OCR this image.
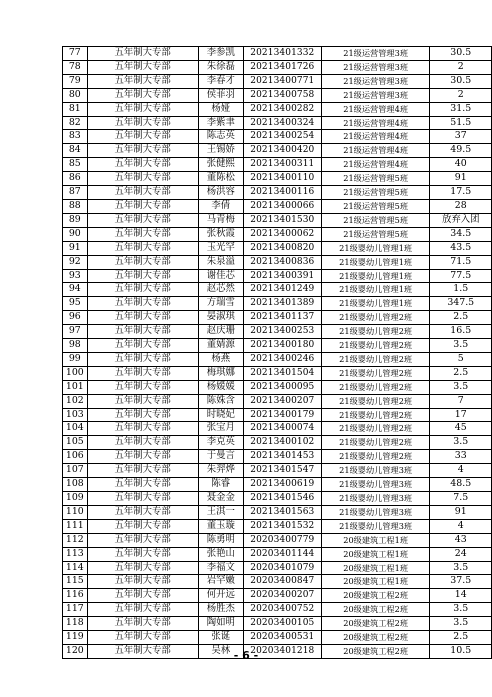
77	五年制大专部	李参凯	20213401332	21级运营管理3班	30.5
78	五年制大专部	朱徐磊	20213401726	21级运营管理3班	2
79	五年制大专部	李春才	20213400771	21级运营管理3班	30.5
80	五年制大专部	侯菲羽	20213400758	21级运营管理3班	2
81	五年制大专部	杨娅	20213400282	21级运营管理4班	31.5
82	五年制大专部	李紫聿	20213400324	21级运营管理4班	51.5
83	五年制大专部	陈志英	20213400254	21级运营管理4班	37
84	五年制大专部	王锡娇	20213400420	21级运营管理4班	49.5
85	五年制大专部	张健熙	20213400311	21级运营管理4班	40
86	五年制大专部	董陈松	20213400110	21级运营管理5班	91
87	五年制大专部	杨洪容	20213400116	21级运营管理5班	17.5
88	五年制大专部	李倩	20213400066	21级运营管理5班	28
89	五年制大专部	马青梅	20213401530	21级运营管理5班	放弃入团
90	五年制大专部	张秋霞	20213400062	21级运营管理5班	34.5
91	五年制大专部	玉光罕	20213400820	21级婴幼儿管理1班	43.5
92	五年制大专部	朱泉溢	20213400836	21级婴幼儿管理1班	71.5
93	五年制大专部	谢佳芯	20213400391	21级婴幼儿管理1班	77.5
94	五年制大专部	赵芯然	20213401249	21级婴幼儿管理1班	1.5
95	五年制大专部	方瑞雪	20213401389	21级婴幼儿管理1班	347.5
96	五年制大专部	晏淑琪	20213401137	21级婴幼儿管理2班	2.5
97	五年制大专部	赵庆珊	20213400253	21级婴幼儿管理2班	16.5
98	五年制大专部	董婧源	20213400180	21级婴幼儿管理2班	3.5
99	五年制大专部	杨燕	20213400246	21级婴幼儿管理2班	5
100	五年制大专部	梅琪娜	20213401504	21级婴幼儿管理2班	2.5
101	五年制大专部	杨媛媛	20213400095	21级婴幼儿管理2班	3.5
102	五年制大专部	陈姝含	20213400207	21级婴幼儿管理2班	7
103	五年制大专部	时晓妃	20213400179	21级婴幼儿管理2班	17
104	五年制大专部	张宝月	20213400074	21级婴幼儿管理2班	45
105	五年制大专部	李克英	20213400102	21级婴幼儿管理2班	3.5
106	五年制大专部	于曼言	20213401453	21级婴幼儿管理2班	33
107	五年制大专部	朱羿烨	20213401547	21级婴幼儿管理3班	4
108	五年制大专部	陈睿	20213400619	21级婴幼儿管理3班	48.5
109	五年制大专部	聂金金	20213401546	21级婴幼儿管理3班	7.5
110	五年制大专部	王淇一	20213401563	21级婴幼儿管理3班	91
111	五年制大专部	董玉璇	20213401532	21级婴幼儿管理3班	4
112	五年制大专部	陈勇明	20203400779	20级建筑工程1班	43
113	五年制大专部	张艳山	20203401144	20级建筑工程1班	24
114	五年制大专部	李福文	20203401079	20级建筑工程1班	3.5
115	五年制大专部	岩罕嫩	20203400847	20级建筑工程1班	37.5
116	五年制大专部	何开远	20203400207	20级建筑工程2班	14
117	五年制大专部	杨胜杰	20203400752	20级建筑工程2班	3.5
118	五年制大专部	陶如明	20203400105	20级建筑工程2班	3.5
119	五年制大专部	张诞	20203400531	20级建筑工程2班	2.5
120	五年制大专部	吴林	20203401218	20级建筑工程2班	10.5
- 6 -
